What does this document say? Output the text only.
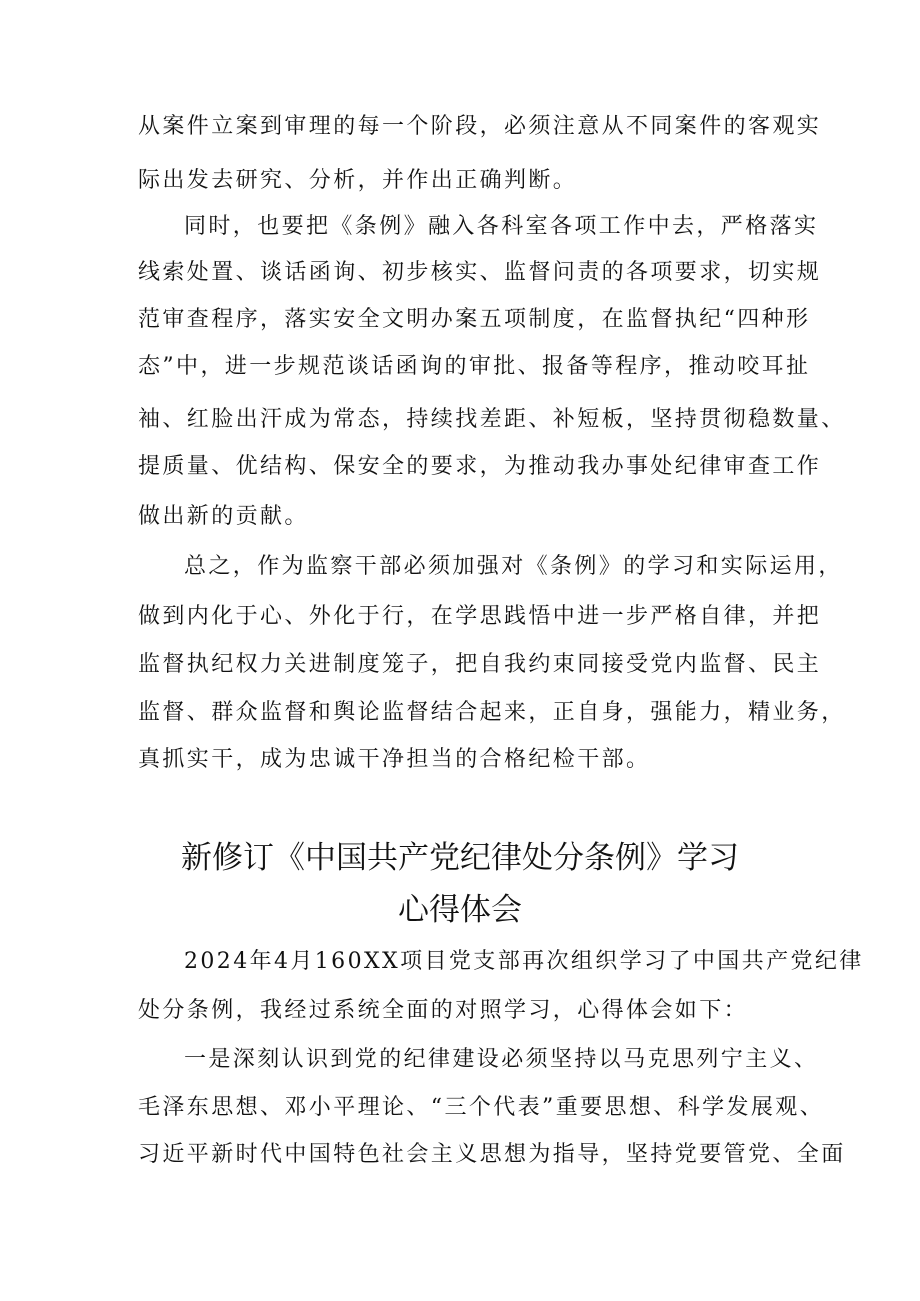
从案件立案到审理的每一个阶段，必须注意从不同案件的客观实
际出发去研究、分析，并作出正确判断。
同时，也要把《条例》融入各科室各项工作中去，严格落实
线索处置、谈话函询、初步核实、监督问责的各项要求，切实规
范审查程序，落实安全文明办案五项制度，在监督执纪“四种形
态”中，进一步规范谈话函询的审批、报备等程序，推动咬耳扯
袖、红脸出汗成为常态，持续找差距、补短板，坚持贯彻稳数量、
提质量、优结构、保安全的要求，为推动我办事处纪律审查工作
做出新的贡献。
总之，作为监察干部必须加强对《条例》的学习和实际运用，
做到内化于心、外化于行，在学思践悟中进一步严格自律，并把
监督执纪权力关进制度笼子，把自我约束同接受党内监督、民主
监督、群众监督和舆论监督结合起来，正自身，强能力，精业务，
真抓实干，成为忠诚干净担当的合格纪检干部。
新修订《中国共产党纪律处分条例》学习
心得体会
2024年4月160XX项目党支部再次组织学习了中国共产党纪律
处分条例，我经过系统全面的对照学习，心得体会如下：
一是深刻认识到党的纪律建设必须坚持以马克思列宁主义、
毛泽东思想、邓小平理论、“三个代表”重要思想、科学发展观、
习近平新时代中国特色社会主义思想为指导，坚持党要管党、全面
